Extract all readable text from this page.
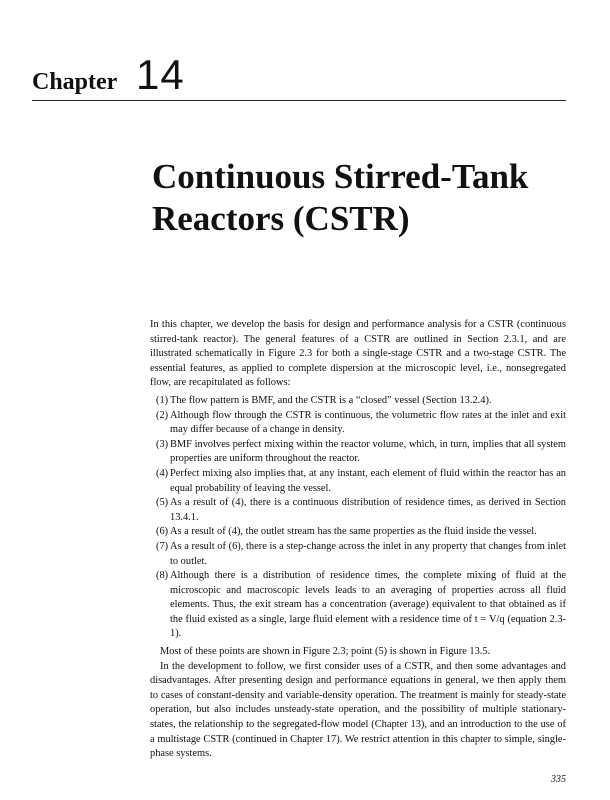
Chapter 14
Continuous Stirred-Tank
Reactors (CSTR)

In this chapter, we develop the basis for design and performance analysis for a CSTR (continuous stirred-tank reactor). The general features of a CSTR are outlined in Section 2.3.1, and are illustrated schematically in Figure 2.3 for both a single-stage CSTR and a two-stage CSTR. The essential features, as applied to complete dispersion at the microscopic level, i.e., nonsegregated flow, are recapitulated as follows:

(1) The flow pattern is BMF, and the CSTR is a “closed” vessel (Section 13.2.4).
(2) Although flow through the CSTR is continuous, the volumetric flow rates at the inlet and exit may differ because of a change in density.
(3) BMF involves perfect mixing within the reactor volume, which, in turn, implies that all system properties are uniform throughout the reactor.
(4) Perfect mixing also implies that, at any instant, each element of fluid within the reactor has an equal probability of leaving the vessel.
(5) As a result of (4), there is a continuous distribution of residence times, as derived in Section 13.4.1.
(6) As a result of (4), the outlet stream has the same properties as the fluid inside the vessel.
(7) As a result of (6), there is a step-change across the inlet in any property that changes from inlet to outlet.
(8) Although there is a distribution of residence times, the complete mixing of fluid at the microscopic and macroscopic levels leads to an averaging of properties across all fluid elements. Thus, the exit stream has a concentration (average) equivalent to that obtained as if the fluid existed as a single, large fluid element with a residence time of t = V/q (equation 2.3-1).

Most of these points are shown in Figure 2.3; point (5) is shown in Figure 13.5.

In the development to follow, we first consider uses of a CSTR, and then some advantages and disadvantages. After presenting design and performance equations in general, we then apply them to cases of constant-density and variable-density operation. The treatment is mainly for steady-state operation, but also includes unsteady-state operation, and the possibility of multiple stationary-states, the relationship to the segregated-flow model (Chapter 13), and an introduction to the use of a multistage CSTR (continued in Chapter 17). We restrict attention in this chapter to simple, single-phase systems.

335
